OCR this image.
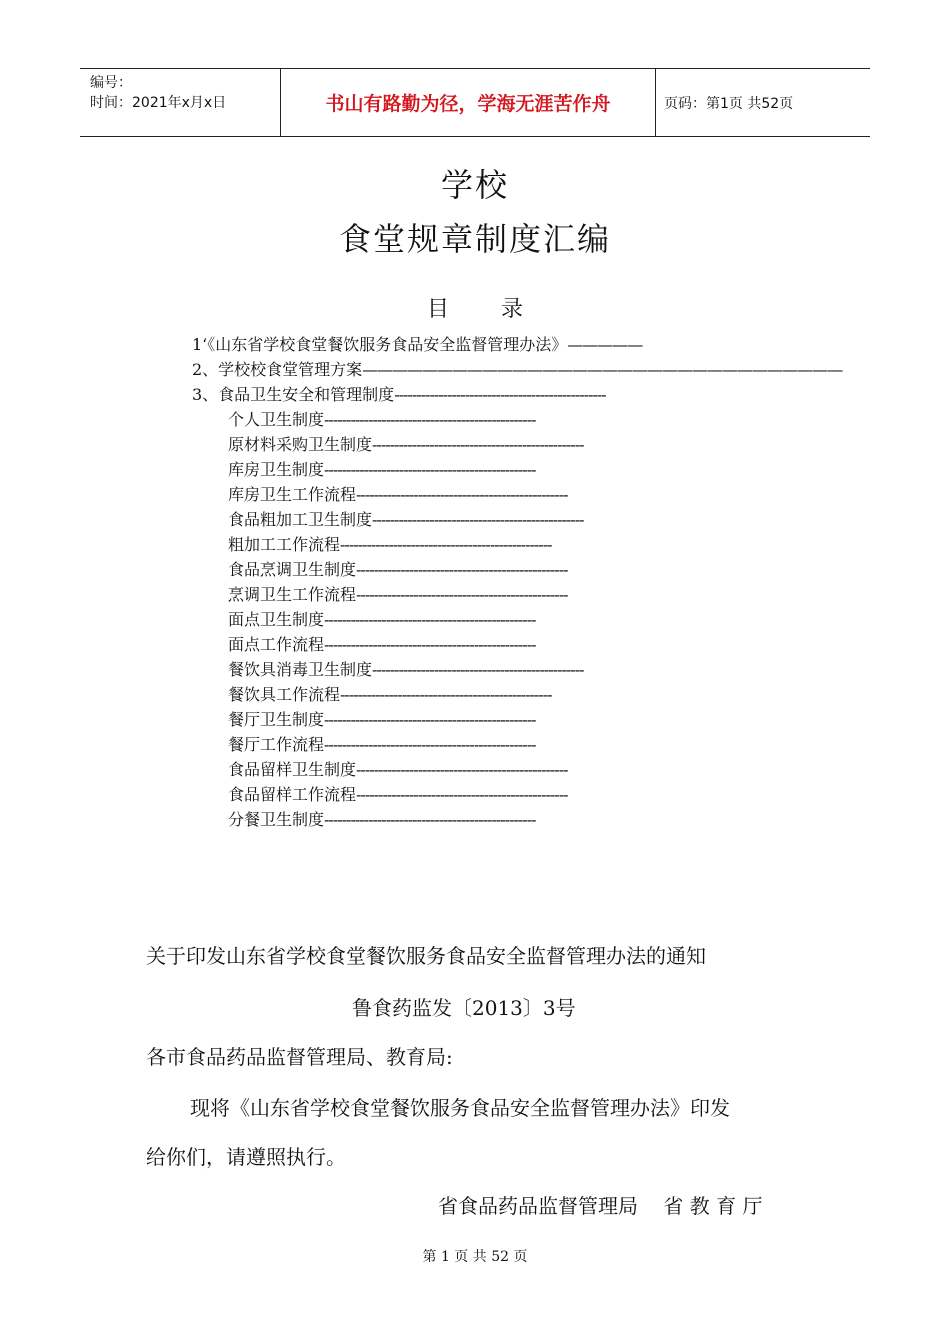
编号：
时间：2021年x月x日	书山有路勤为径，学海无涯苦作舟	页码：第1页 共52页
学校
食堂规章制度汇编
目录
1‘《山东省学校食堂餐饮服务食品安全监督管理办法》 —————
2、学校校食堂管理方案 ————————————————————————————————
3、食品卫生安全和管理制度 ------------------------------------------------
个人卫生制度 ------------------------------------------------
原材料采购卫生制度 ------------------------------------------------
库房卫生制度 ------------------------------------------------
库房卫生工作流程 ------------------------------------------------
食品粗加工卫生制度 ------------------------------------------------
粗加工工作流程 ------------------------------------------------
食品烹调卫生制度 ------------------------------------------------
烹调卫生工作流程 ------------------------------------------------
面点卫生制度 ------------------------------------------------
面点工作流程 ------------------------------------------------
餐饮具消毒卫生制度 ------------------------------------------------
餐饮具工作流程 ------------------------------------------------
餐厅卫生制度 ------------------------------------------------
餐厅工作流程 ------------------------------------------------
食品留样卫生制度 ------------------------------------------------
食品留样工作流程 ------------------------------------------------
分餐卫生制度 ------------------------------------------------
关于印发山东省学校食堂餐饮服务食品安全监督管理办法的通知
鲁食药监发〔2013〕3号
各市食品药品监督管理局、教育局:
现将《山东省学校食堂餐饮服务食品安全监督管理办法》印发
给你们，请遵照执行。
省食品药品监督管理局    省 教 育 厅
第 1 页 共 52 页
